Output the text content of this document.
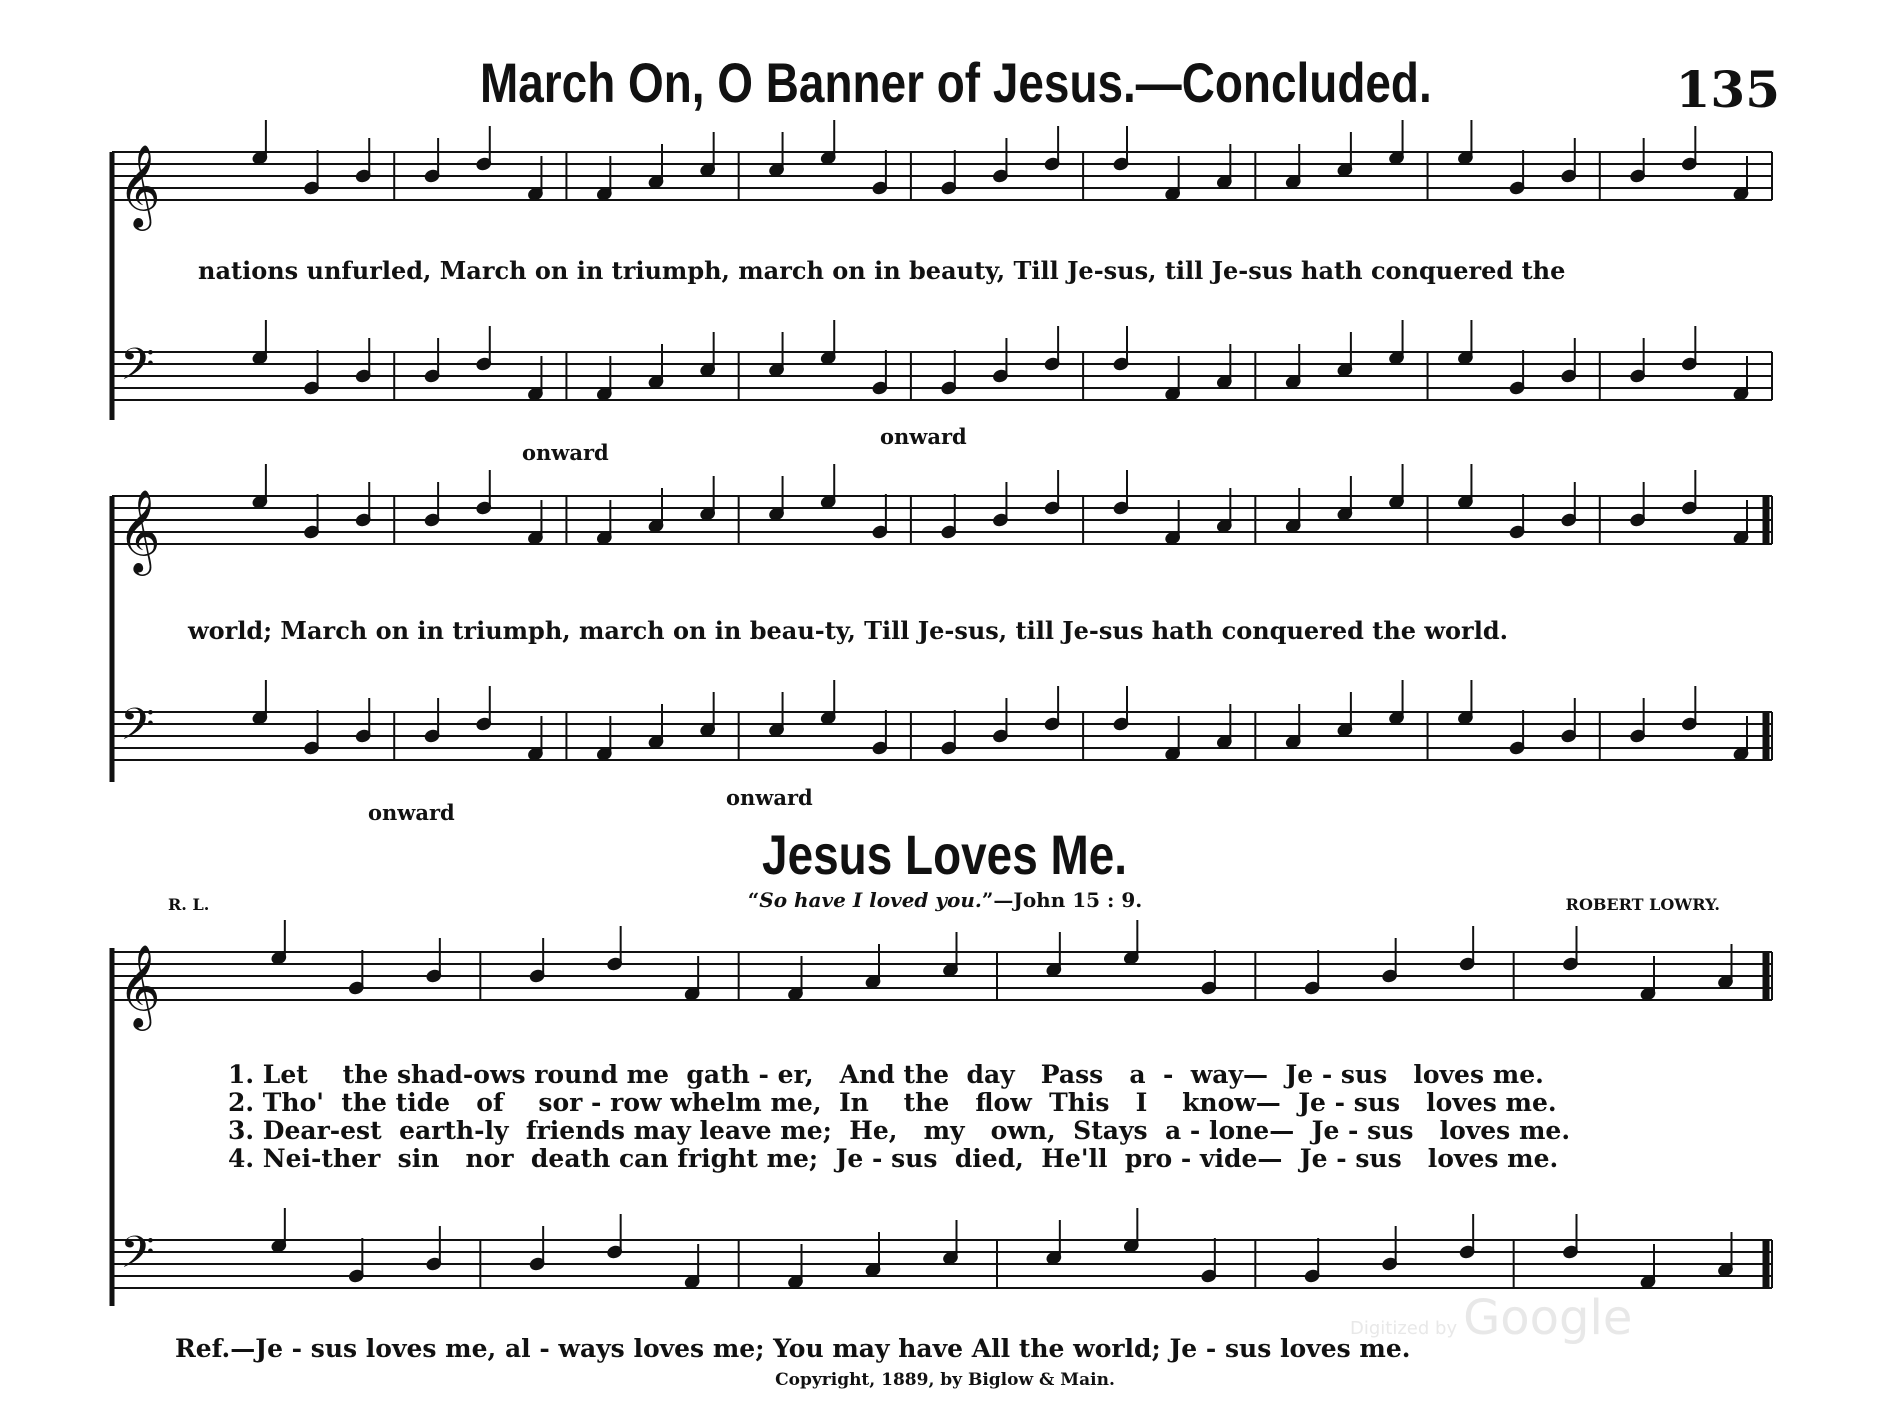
March On, O Banner of Jesus.—Concluded.	135
𝄞
𝄞
𝄞
𝄢
𝄢
𝄢
nations unfurled, March on in triumph, march on in beauty, Till Je-sus, till Je-sus hath conquered the
onward
onward
world; March on in triumph, march on in beau-ty, Till Je-sus, till Je-sus hath conquered the world.
onward
onward
Jesus Loves Me.
R. L.	“So have I loved you.”—John 15 : 9.	ROBERT LOWRY.
1. Let    the shad-ows round me  gath - er,   And the  day   Pass   a  -  way—  Je - sus   loves me.
2. Tho'  the tide   of    sor - row whelm me,  In    the   flow  This   I    know—  Je - sus   loves me.
3. Dear-est  earth-ly  friends may leave me;  He,   my   own,  Stays  a - lone—  Je - sus   loves me.
4. Nei-ther  sin   nor  death can fright me;  Je - sus  died,  He'll  pro - vide—  Je - sus   loves me.
Ref.—Je - sus loves me, al - ways loves me; You may have All the world; Je - sus loves me.
Copyright, 1889, by Biglow & Main.
Digitized by Google
